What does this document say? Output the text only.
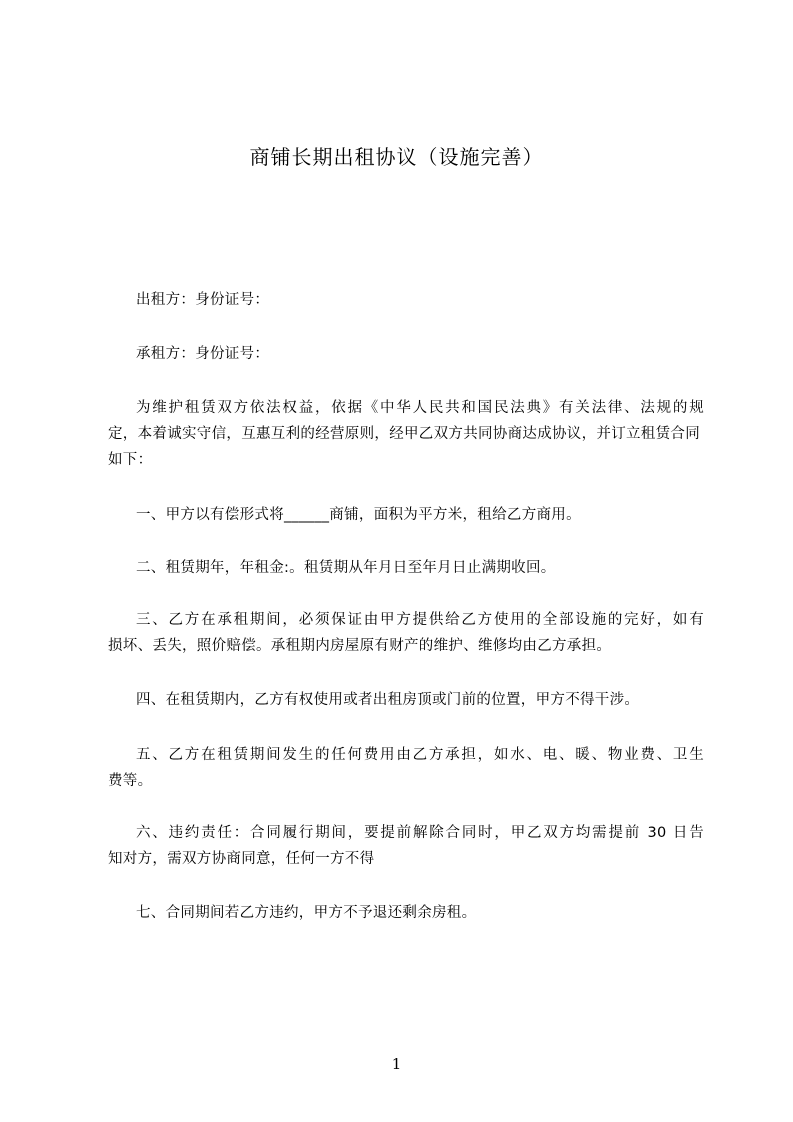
商铺长期出租协议（设施完善）
出租方：身份证号：
承租方：身份证号：
为维护租赁双方依法权益，依据《中华人民共和国民法典》有关法律、法规的规
定，本着诚实守信，互惠互利的经营原则，经甲乙双方共同协商达成协议，并订立租赁合同如下：
一、甲方以有偿形式将______商铺，面积为平方米，租给乙方商用。
二、租赁期年，年租金:。租赁期从年月日至年月日止满期收回。
三、乙方在承租期间，必须保证由甲方提供给乙方使用的全部设施的完好，如有
损坏、丢失，照价赔偿。承租期内房屋原有财产的维护、维修均由乙方承担。
四、在租赁期内，乙方有权使用或者出租房顶或门前的位置，甲方不得干涉。
五、乙方在租赁期间发生的任何费用由乙方承担，如水、电、暖、物业费、卫生
费等。
六、违约责任：合同履行期间，要提前解除合同时，甲乙双方均需提前 30 日告
知对方，需双方协商同意，任何一方不得
七、合同期间若乙方违约，甲方不予退还剩余房租。
1
